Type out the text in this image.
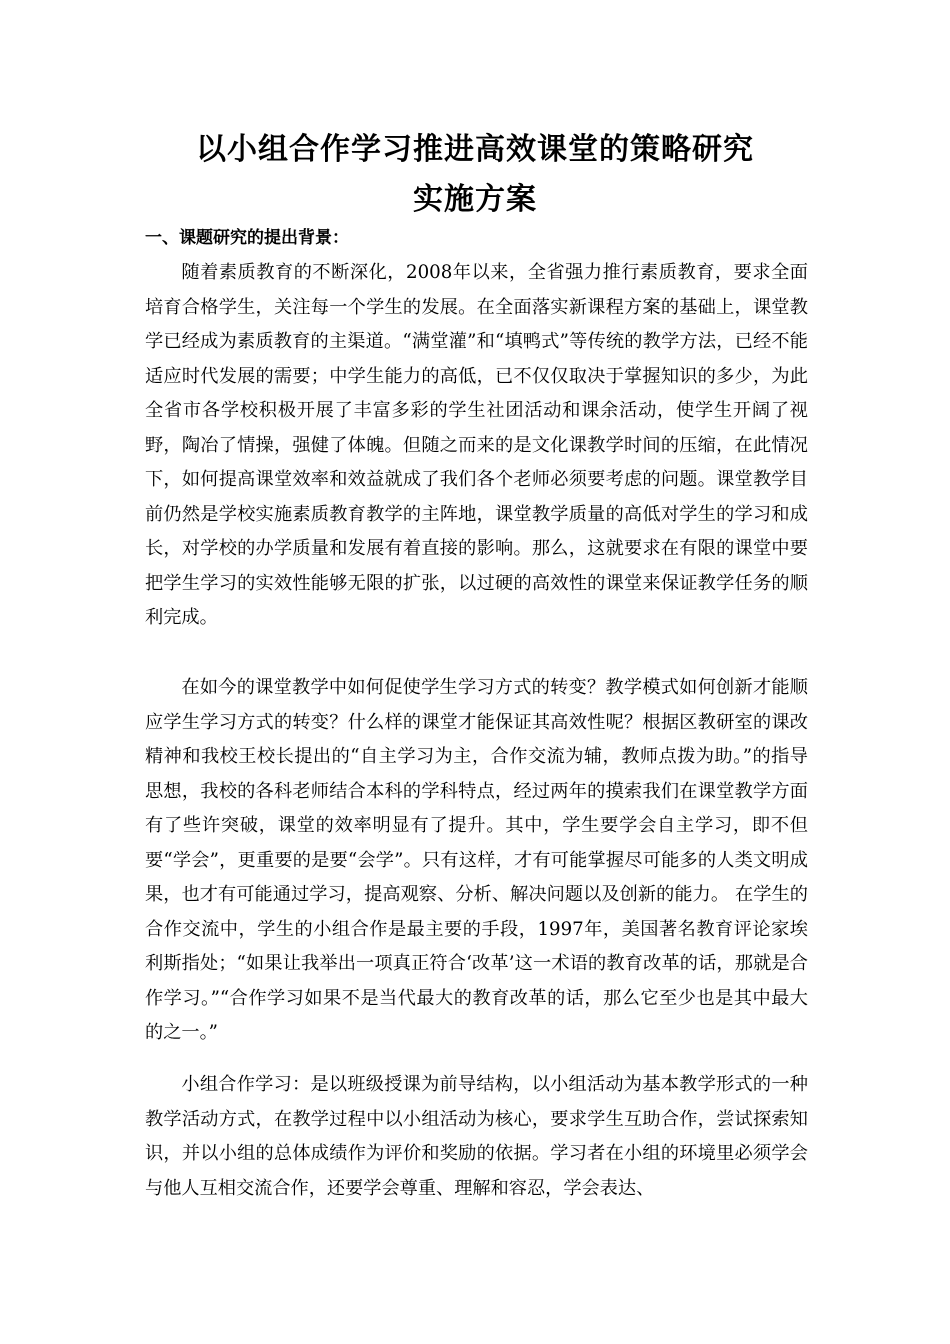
以小组合作学习推进高效课堂的策略研究
实施方案
一、课题研究的提出背景：

随着素质教育的不断深化，2008年以来，全省强力推行素质教育，要求全面培育合格学生，关注每一个学生的发展。在全面落实新课程方案的基础上，课堂教学已经成为素质教育的主渠道。“满堂灌”和“填鸭式”等传统的教学方法，已经不能适应时代发展的需要；中学生能力的高低，已不仅仅取决于掌握知识的多少，为此全省市各学校积极开展了丰富多彩的学生社团活动和课余活动，使学生开阔了视野，陶冶了情操，强健了体魄。但随之而来的是文化课教学时间的压缩，在此情况下，如何提高课堂效率和效益就成了我们各个老师必须要考虑的问题。课堂教学目前仍然是学校实施素质教育教学的主阵地，课堂教学质量的高低对学生的学习和成长，对学校的办学质量和发展有着直接的影响。那么，这就要求在有限的课堂中要把学生学习的实效性能够无限的扩张，以过硬的高效性的课堂来保证教学任务的顺利完成。

在如今的课堂教学中如何促使学生学习方式的转变？教学模式如何创新才能顺应学生学习方式的转变？什么样的课堂才能保证其高效性呢？根据区教研室的课改精神和我校王校长提出的“自主学习为主，合作交流为辅，教师点拨为助。”的指导思想，我校的各科老师结合本科的学科特点，经过两年的摸索我们在课堂教学方面有了些许突破，课堂的效率明显有了提升。其中，学生要学会自主学习，即不但要“学会”，更重要的是要“会学”。只有这样，才有可能掌握尽可能多的人类文明成果，也才有可能通过学习，提高观察、分析、解决问题以及创新的能力。 在学生的合作交流中，学生的小组合作是最主要的手段，1997年，美国著名教育评论家埃利斯指处；“如果让我举出一项真正符合‘改革’这一术语的教育改革的话，那就是合作学习。”“合作学习如果不是当代最大的教育改革的话，那么它至少也是其中最大的之一。”

小组合作学习：是以班级授课为前导结构，以小组活动为基本教学形式的一种教学活动方式，在教学过程中以小组活动为核心，要求学生互助合作，尝试探索知识，并以小组的总体成绩作为评价和奖励的依据。学习者在小组的环境里必须学会与他人互相交流合作，还要学会尊重、理解和容忍，学会表达、
